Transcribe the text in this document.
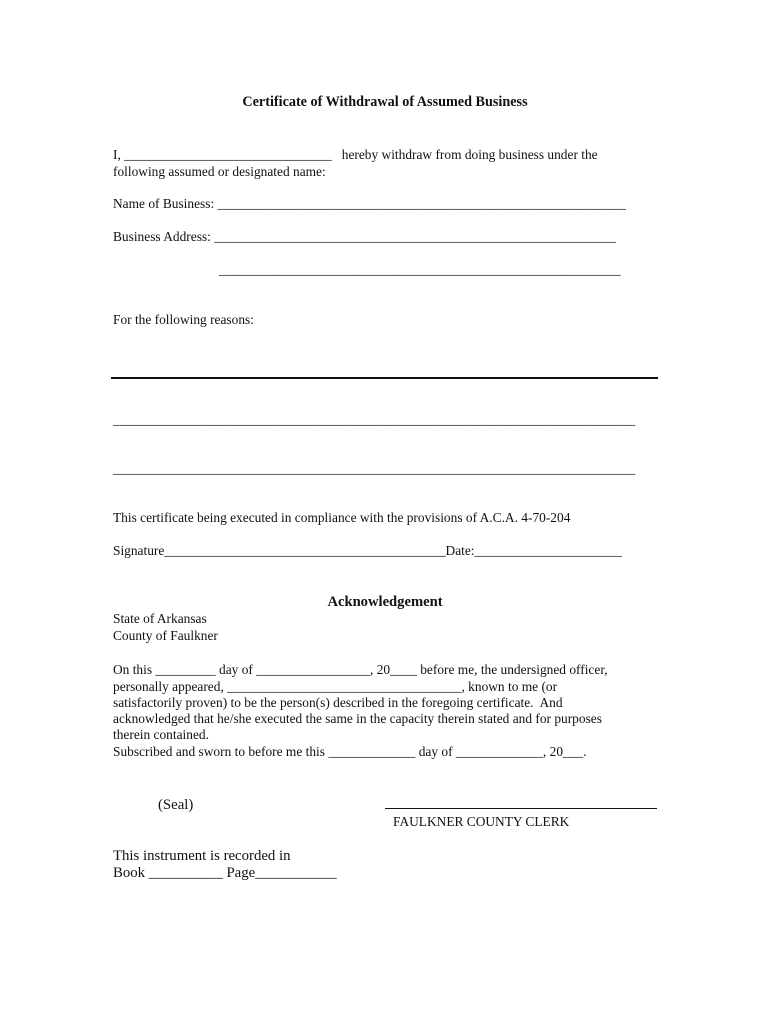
Certificate of Withdrawal of Assumed Business
I, _______________________________   hereby withdraw from doing business under the
following assumed or designated name:
Name of Business: _____________________________________________________________
Business Address: ____________________________________________________________
____________________________________________________________
For the following reasons:
______________________________________________________________________________
______________________________________________________________________________
This certificate being executed in compliance with the provisions of A.C.A. 4-70-204
Signature__________________________________________Date:______________________
Acknowledgement
State of Arkansas
County of Faulkner
On this _________ day of _________________, 20____ before me, the undersigned officer,
personally appeared, ___________________________________, known to me (or
satisfactorily proven) to be the person(s) described in the foregoing certificate.  And
acknowledged that he/she executed the same in the capacity therein stated and for purposes
therein contained.
Subscribed and sworn to before me this _____________ day of _____________, 20___.
(Seal)
FAULKNER COUNTY CLERK
This instrument is recorded in
Book __________ Page___________
